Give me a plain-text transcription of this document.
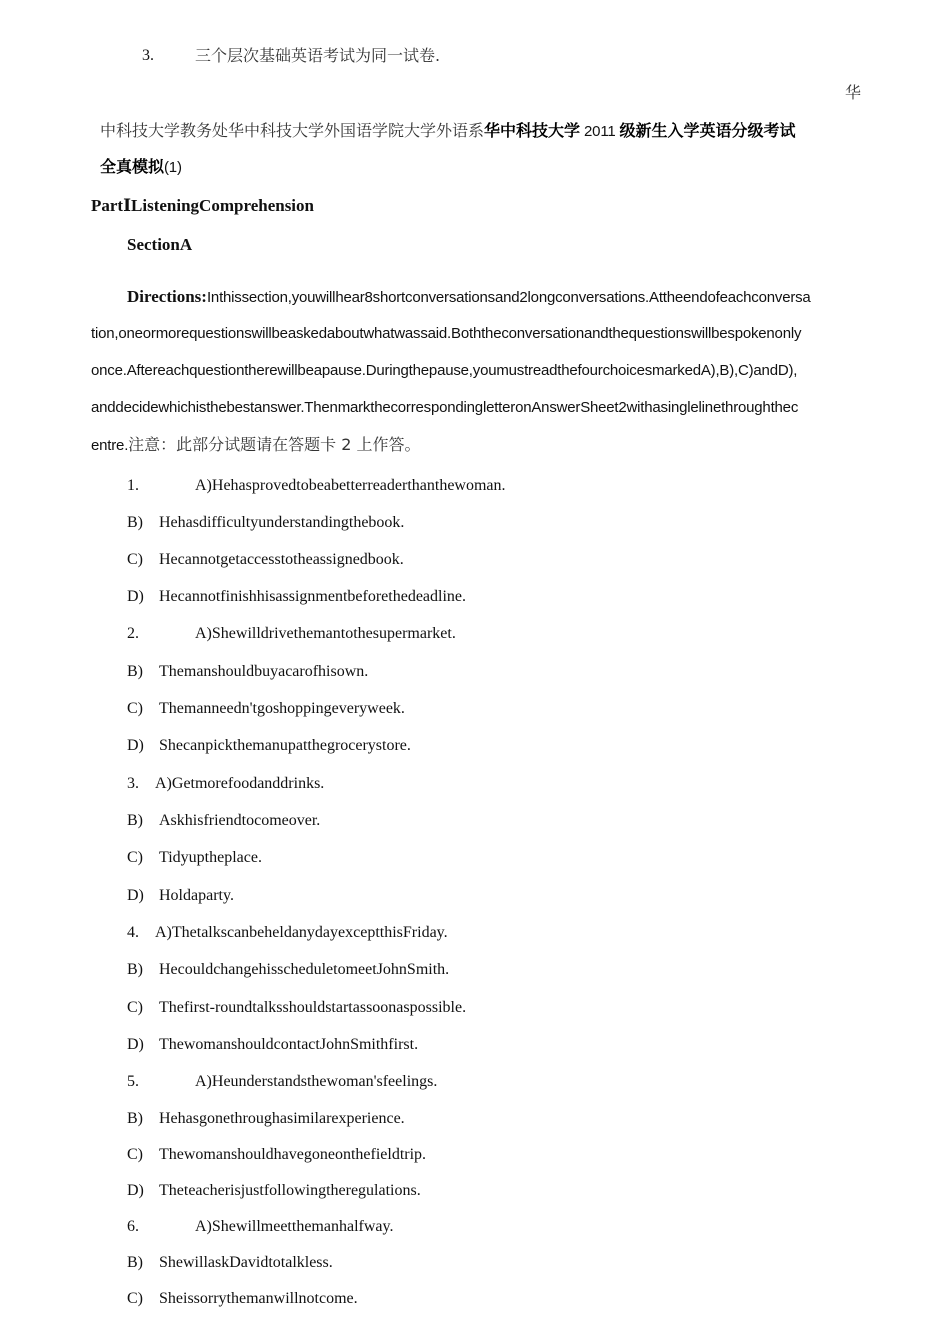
3.	三个层次基础英语考试为同一试卷.
华
中科技大学教务处华中科技大学外国语学院大学外语系华中科技大学 2011 级新生入学英语分级考试
全真模拟(1)
PartⅠListeningComprehension
SectionA
Directions:Inthissection,youwillhear8shortconversationsand2longconversations.Attheendofeachconversa
tion,oneormorequestionswillbeaskedaboutwhatwassaid.Boththeconversationandthequestionswillbespokenonly
once.Aftereachquestiontherewillbeapause.Duringthepause,youmustreadthefourchoicesmarkedA),B),C)andD),
anddecidewhichisthebestanswer.ThenmarkthecorrespondingletteronAnswerSheet2withasinglelinethroughthec
entre.注意：此部分试题请在答题卡 2 上作答。
1.	A)Hehasprovedtobeabetterreaderthanthewoman.
B) Hehasdifficultyunderstandingthebook.
C) Hecannotgetaccesstotheassignedbook.
D) Hecannotfinishhisassignmentbeforethedeadline.
2.	A)Shewilldrivethemantothesupermarket.
B) Themanshouldbuyacarofhisown.
C) Themanneedn'tgoshoppingeveryweek.
D) Shecanpickthemanupatthegrocerystore.
3. A)Getmorefoodanddrinks.
B) Askhisfriendtocomeover.
C) Tidyuptheplace.
D) Holdaparty.
4. A)ThetalkscanbeheldanydayexceptthisFriday.
B) HecouldchangehisscheduletomeetJohnSmith.
C) Thefirst-roundtalksshouldstartassoonaspossible.
D) ThewomanshouldcontactJohnSmithfirst.
5.	A)Heunderstandsthewoman'sfeelings.
B) Hehasgonethroughasimilarexperience.
C) Thewomanshouldhavegoneonthefieldtrip.
D) Theteacherisjustfollowingtheregulations.
6.	A)Shewillmeetthemanhalfway.
B) ShewillaskDavidtotalkless.
C) Sheissorrythemanwillnotcome.
